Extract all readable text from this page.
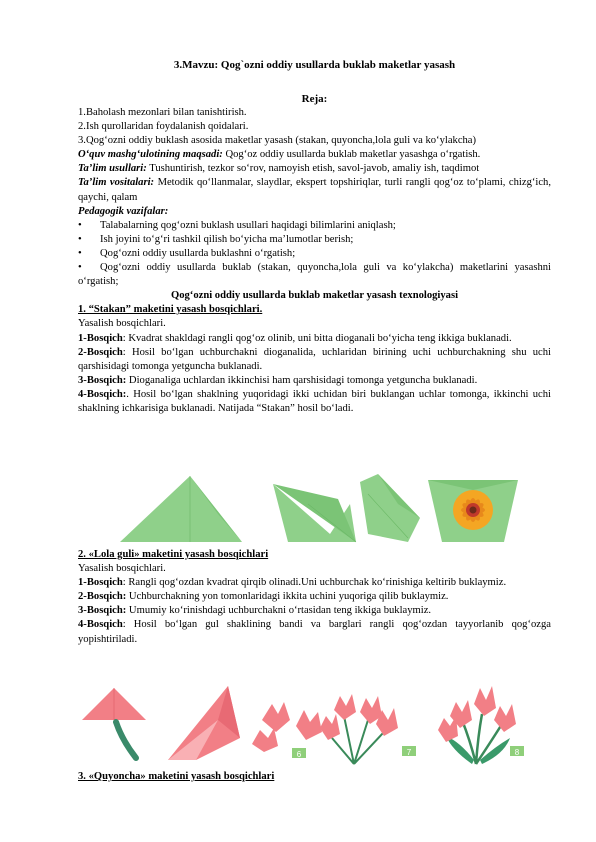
3.Mavzu: Qog`ozni oddiy usullarda buklab maketlar yasash
Reja:

1.Baholash mezonlari bilan tanishtirish.

2.Ish qurollaridan foydalanish qoidalari.

3.Qog‘ozni oddiy buklash asosida maketlar yasash (stakan, quyoncha,lola guli va ko‘ylakcha)

O‘quv mashg‘ulotining maqsadi: Qog‘oz oddiy usullarda buklab maketlar yasashga o‘rgatish.

Ta’lim usullari: Tushuntirish, tezkor so‘rov, namoyish etish, savol-javob, amaliy ish, taqdimot

Ta’lim vositalari: Metodik qo‘llanmalar, slaydlar, ekspert topshiriqlar, turli rangli qog‘oz to‘plami, chizg‘ich, qaychi, qalam

Pedagogik vazifalar:

•	Talabalarning qog‘ozni buklash usullari haqidagi bilimlarini aniqlash;

•	Ish joyini to‘g‘ri tashkil qilish bo‘yicha ma’lumotlar berish;

•	Qog‘ozni oddiy usullarda buklashni o‘rgatish;

• Qog‘ozni oddiy usullarda buklab (stakan, quyoncha,lola guli va ko‘ylakcha) maketlarini yasashni o‘rgatish;

Qog‘ozni oddiy usullarda buklab maketlar yasash texnologiyasi

1. “Stakan” maketini yasash bosqichlari.

Yasalish bosqichlari.

1-Bosqich: Kvadrat shakldagi rangli qog‘oz olinib, uni bitta dioganali bo‘yicha teng ikkiga buklanadi.

2-Bosqich: Hosil bo‘lgan uchburchakni dioganalida, uchlaridan birining uchi uchburchakning shu uchi qarshisidagi tomonga yetguncha buklanadi.

3-Bosqich: Dioganaliga uchlardan ikkinchisi ham qarshisidagi tomonga yetguncha buklanadi.

4-Bosqich:. Hosil bo‘lgan shaklning yuqoridagi ikki uchidan biri buklangan uchlar tomonga, ikkinchi uchi shaklning ichkarisiga buklanadi. Natijada “Stakan” hosil bo‘ladi.

2. «Lola guli» maketini yasash bosqichlari

Yasalish bosqichlari.

1-Bosqich: Rangli qog‘ozdan kvadrat qirqib olinadi.Uni uchburchak ko‘rinishiga keltirib buklaymiz.

2-Bosqich: Uchburchakning yon tomonlaridagi ikkita uchini yuqoriga qilib buklaymiz.

3-Bosqich: Umumiy ko‘rinishdagi uchburchakni o‘rtasidan teng ikkiga buklaymiz.

4-Bosqich: Hosil bo‘lgan gul shaklining bandi va barglari rangli qog‘ozdan tayyorlanib qog‘ozga yopishtiriladi.

6	7	8

3. «Quyoncha» maketini yasash bosqichlari
